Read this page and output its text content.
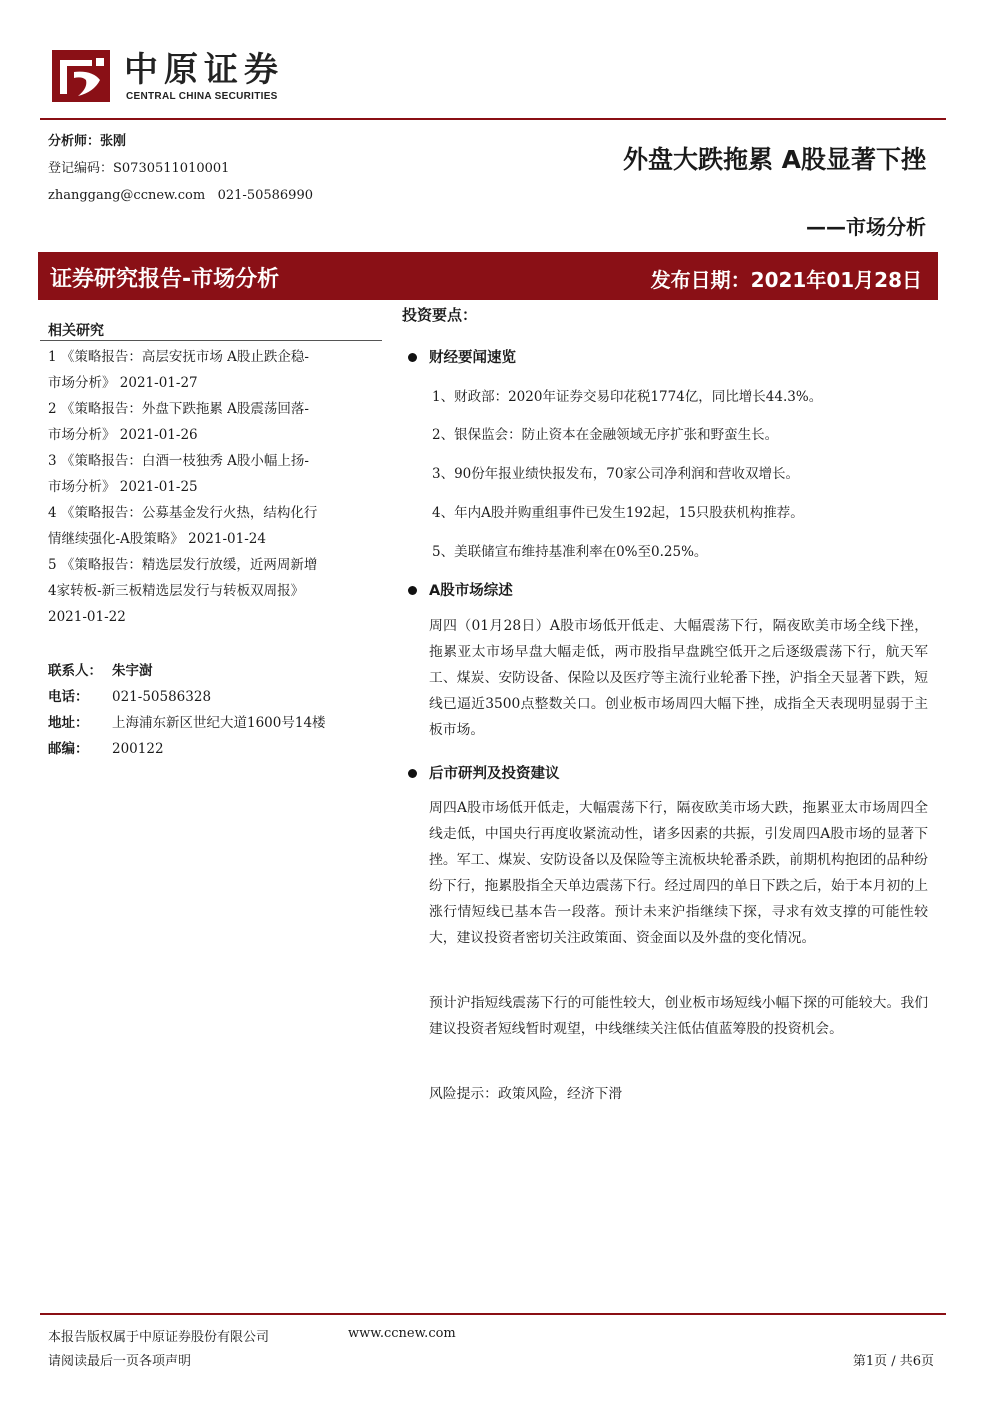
中原证券
CENTRAL CHINA SECURITIES
分析师：张刚
登记编码：S0730511010001
zhanggang@ccnew.com   021-50586990
外盘大跌拖累 A股显著下挫
——市场分析
证券研究报告-市场分析	发布日期：2021年01月28日
相关研究
1 《策略报告：高层安抚市场 A股止跌企稳-
市场分析》 2021-01-27
2 《策略报告：外盘下跌拖累 A股震荡回落-
市场分析》 2021-01-26
3 《策略报告：白酒一枝独秀 A股小幅上扬-
市场分析》 2021-01-25
4 《策略报告：公募基金发行火热，结构化行
情继续强化-A股策略》 2021-01-24
5 《策略报告：精选层发行放缓，近两周新增
4家转板-新三板精选层发行与转板双周报》
2021-01-22
联系人： 朱宇澍
电话： 021-50586328
地址： 上海浦东新区世纪大道1600号14楼
邮编： 200122
投资要点：
财经要闻速览
1、财政部：2020年证券交易印花税1774亿，同比增长44.3%。
2、银保监会：防止资本在金融领域无序扩张和野蛮生长。
3、90份年报业绩快报发布，70家公司净利润和营收双增长。
4、年内A股并购重组事件已发生192起，15只股获机构推荐。
5、美联储宣布维持基准利率在0%至0.25%。
A股市场综述
周四（01月28日）A股市场低开低走、大幅震荡下行，隔夜欧美市场全线下挫，拖累亚太市场早盘大幅走低，两市股指早盘跳空低开之后逐级震荡下行，航天军工、煤炭、安防设备、保险以及医疗等主流行业轮番下挫，沪指全天显著下跌，短线已逼近3500点整数关口。创业板市场周四大幅下挫，成指全天表现明显弱于主板市场。
后市研判及投资建议
周四A股市场低开低走，大幅震荡下行，隔夜欧美市场大跌，拖累亚太市场周四全线走低，中国央行再度收紧流动性，诸多因素的共振，引发周四A股市场的显著下挫。军工、煤炭、安防设备以及保险等主流板块轮番杀跌，前期机构抱团的品种纷纷下行，拖累股指全天单边震荡下行。经过周四的单日下跌之后，始于本月初的上涨行情短线已基本告一段落。预计未来沪指继续下探，寻求有效支撑的可能性较大，建议投资者密切关注政策面、资金面以及外盘的变化情况。
预计沪指短线震荡下行的可能性较大，创业板市场短线小幅下探的可能较大。我们建议投资者短线暂时观望，中线继续关注低估值蓝筹股的投资机会。
风险提示：政策风险，经济下滑
本报告版权属于中原证券股份有限公司	www.ccnew.com
请阅读最后一页各项声明	第1页 / 共6页
